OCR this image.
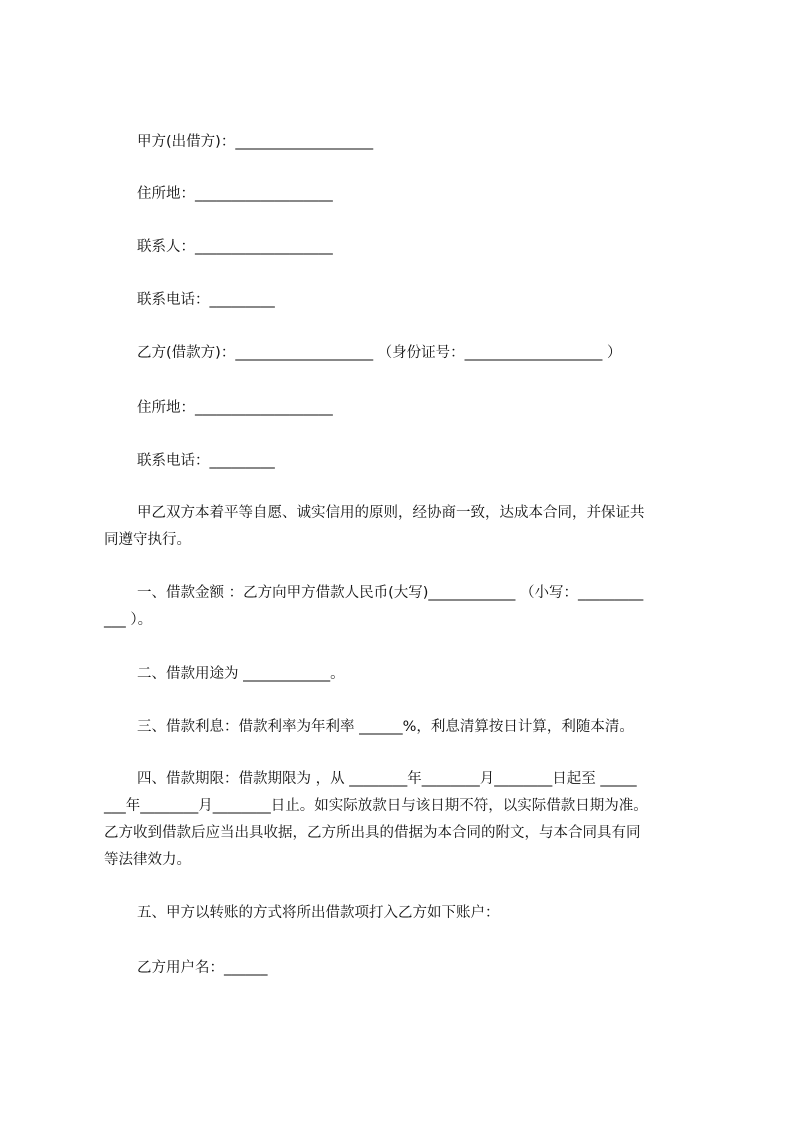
甲方(出借方)：___________________
住所地：___________________
联系人：___________________
联系电话：_________
乙方(借款方)：___________________ （身份证号：___________________ ）
住所地：___________________
联系电话：_________
甲乙双方本着平等自愿、诚实信用的原则，经协商一致，达成本合同，并保证共
同遵守执行。
一、借款金额 ：乙方向甲方借款人民币(大写)____________ （小写：_________
___ ）。
二、借款用途为 ____________。
三、借款利息：借款利率为年利率 ______%，利息清算按日计算，利随本清。
四、借款期限：借款期限为 ，从 ________年________月________日起至 _____
___年________月________日止。如实际放款日与该日期不符，以实际借款日期为准。
乙方收到借款后应当出具收据，乙方所出具的借据为本合同的附文，与本合同具有同
等法律效力。
五、甲方以转账的方式将所出借款项打入乙方如下账户：
乙方用户名：______
